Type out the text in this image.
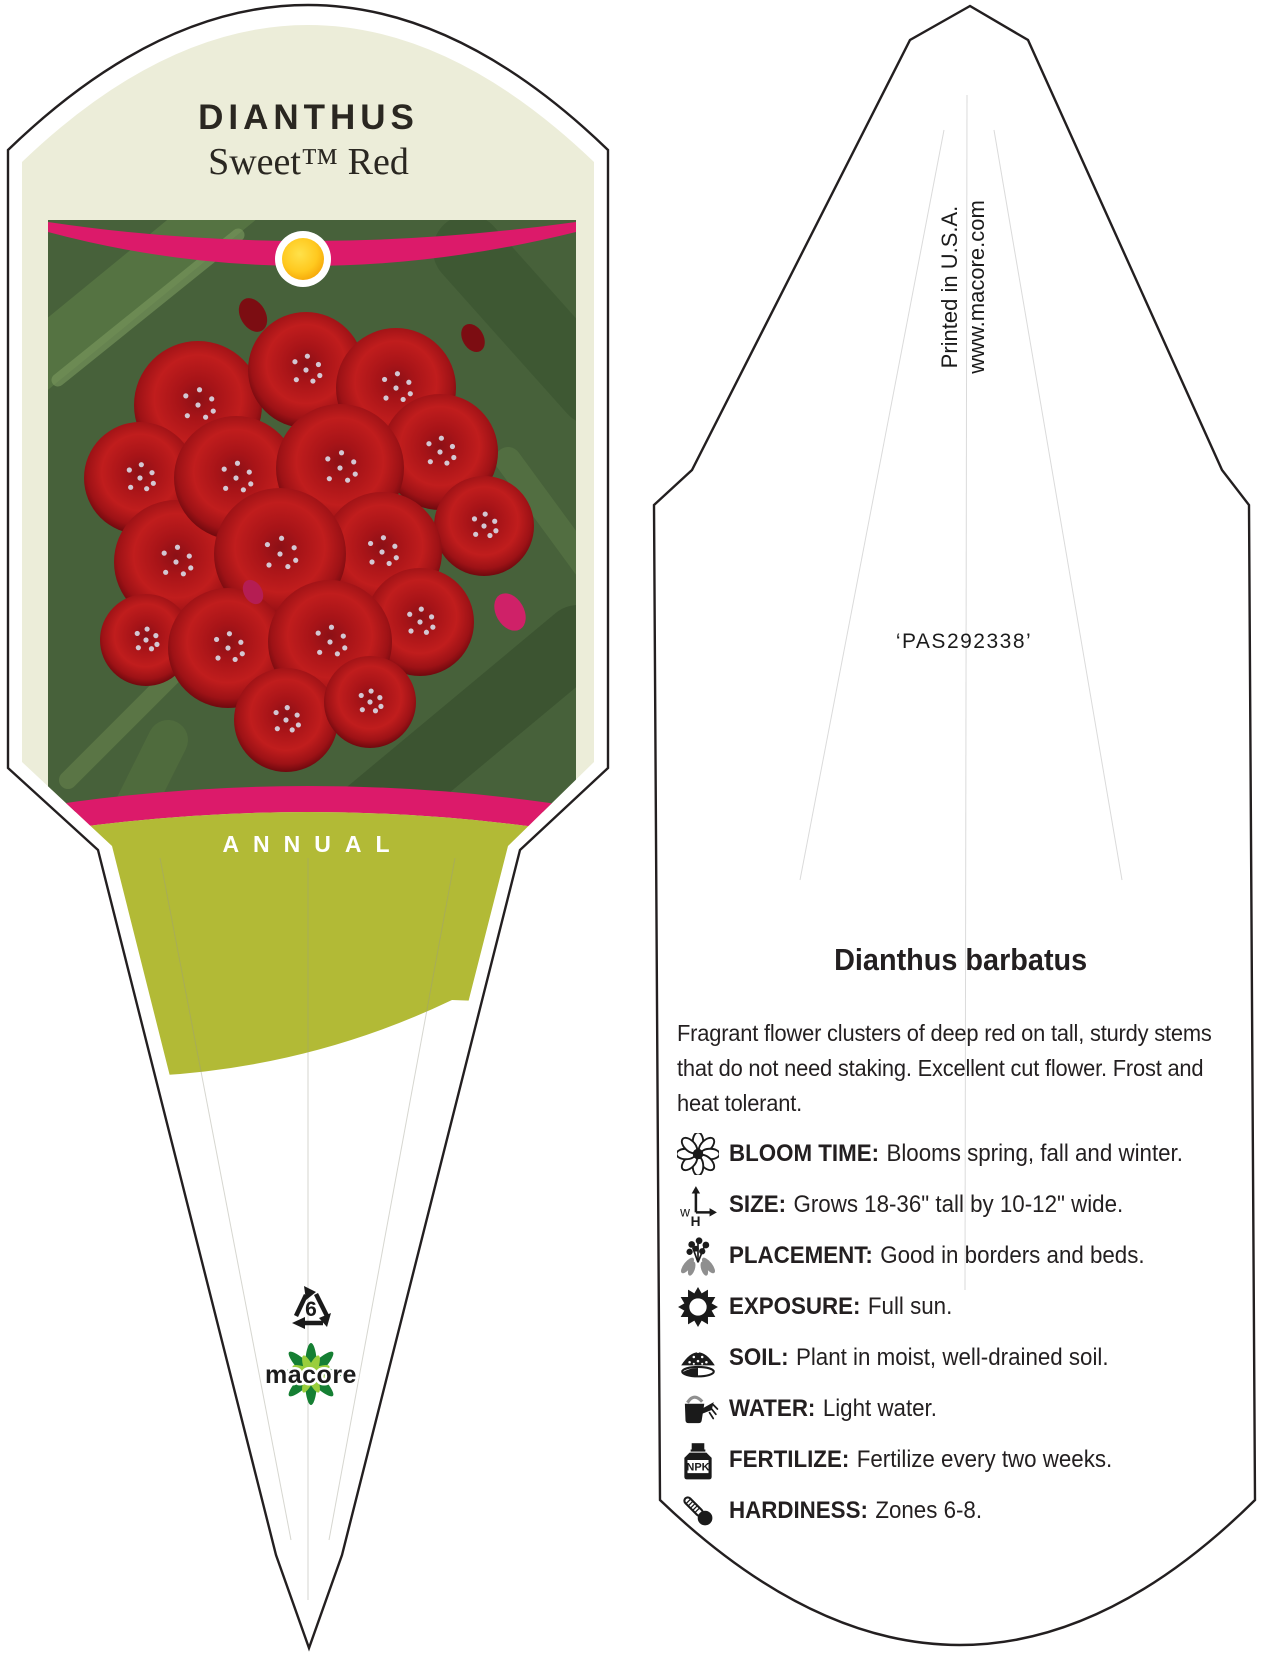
DIANTHUS
Sweet™ Red
ANNUAL
6
macore
Printed in U.S.A. www.macore.com
‘PAS292338’
Dianthus barbatus
Fragrant flower clusters of deep red on tall, sturdy stems that do not need staking. Excellent cut flower. Frost and heat tolerant.
BLOOM TIME: Blooms spring, fall and winter.
w
H
SIZE: Grows 18-36" tall by 10-12" wide.
PLACEMENT: Good in borders and beds.
EXPOSURE: Full sun.
SOIL: Plant in moist, well-drained soil.
WATER: Light water.
NPK FERTILIZE: Fertilize every two weeks.
HARDINESS: Zones 6-8.
